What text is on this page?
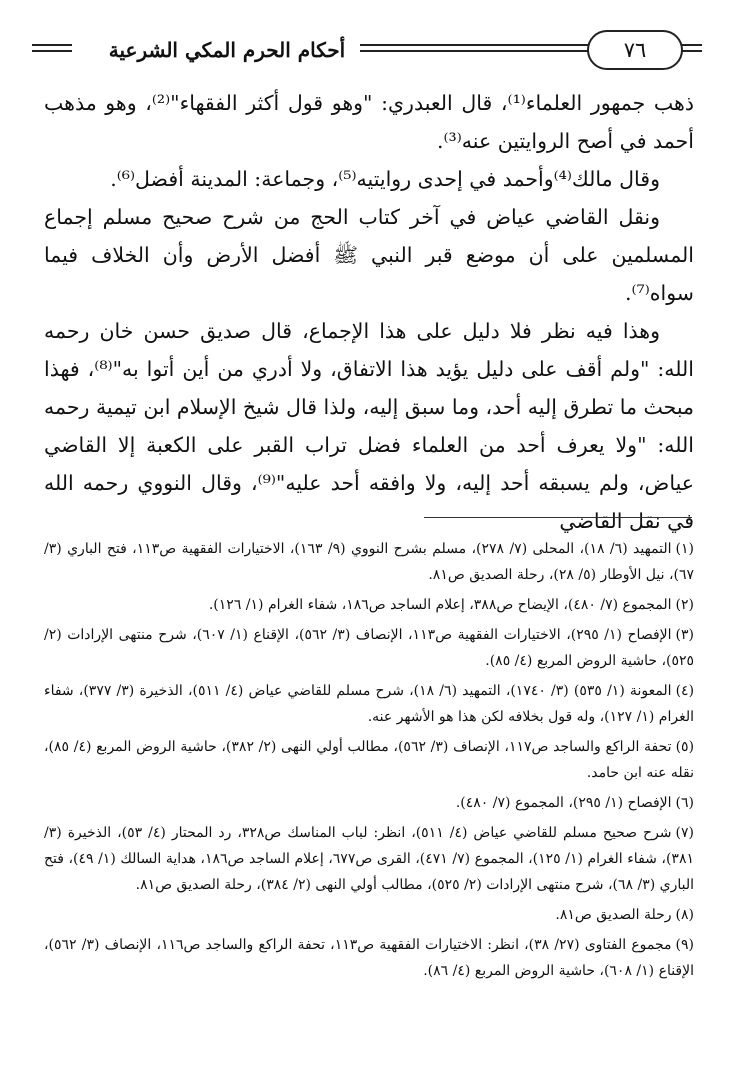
أحكام الحرم المكي الشرعية	٧٦

ذهب جمهور العلماء⁽¹⁾، قال العبدري: "وهو قول أكثر الفقهاء"⁽²⁾، وهو مذهب أحمد في أصح الروايتين عنه⁽³⁾.

وقال مالك⁽⁴⁾وأحمد في إحدى روايتيه⁽⁵⁾، وجماعة: المدينة أفضل⁽⁶⁾.

ونقل القاضي عياض في آخر كتاب الحج من شرح صحيح مسلم إجماع المسلمين على أن موضع قبر النبي ﷺ أفضل الأرض وأن الخلاف فيما سواه⁽⁷⁾.

وهذا فيه نظر فلا دليل على هذا الإجماع، قال صديق حسن خان رحمه الله: "ولم أقف على دليل يؤيد هذا الاتفاق، ولا أدري من أين أتوا به"⁽⁸⁾، فهذا مبحث ما تطرق إليه أحد، وما سبق إليه، ولذا قال شيخ الإسلام ابن تيمية رحمه الله: "ولا يعرف أحد من العلماء فضل تراب القبر على الكعبة إلا القاضي عياض، ولم يسبقه أحد إليه، ولا وافقه أحد عليه"⁽⁹⁾، وقال النووي رحمه الله في نقل القاضي

(١)التمهيد (٦/ ١٨)، المحلى (٧/ ٢٧٨)، مسلم بشرح النووي (٩/ ١٦٣)، الاختيارات الفقهية ص١١٣، فتح الباري (٣/ ٦٧)، نيل الأوطار (٥/ ٢٨)، رحلة الصديق ص٨١.

(٢)المجموع (٧/ ٤٨٠)، الإيضاح ص٣٨٨، إعلام الساجد ص١٨٦، شفاء الغرام (١/ ١٢٦).

(٣)الإفصاح (١/ ٢٩٥)، الاختيارات الفقهية ص١١٣، الإنصاف (٣/ ٥٦٢)، الإقناع (١/ ٦٠٧)، شرح منتهى الإرادات (٢/ ٥٢٥)، حاشية الروض المربع (٤/ ٨٥).

(٤)المعونة (١/ ٥٣٥) (٣/ ١٧٤٠)، التمهيد (٦/ ١٨)، شرح مسلم للقاضي عياض (٤/ ٥١١)، الذخيرة (٣/ ٣٧٧)، شفاء الغرام (١/ ١٢٧)، وله قول بخلافه لكن هذا هو الأشهر عنه.

(٥)تحفة الراكع والساجد ص١١٧، الإنصاف (٣/ ٥٦٢)، مطالب أولي النهى (٢/ ٣٨٢)، حاشية الروض المربع (٤/ ٨٥)، نقله عنه ابن حامد.

(٦)الإفصاح (١/ ٢٩٥)، المجموع (٧/ ٤٨٠).

(٧)شرح صحيح مسلم للقاضي عياض (٤/ ٥١١)، انظر: لباب المناسك ص٣٢٨، رد المحتار (٤/ ٥٣)، الذخيرة (٣/ ٣٨١)، شفاء الغرام (١/ ١٢٥)، المجموع (٧/ ٤٧١)، القرى ص٦٧٧، إعلام الساجد ص١٨٦، هداية السالك (١/ ٤٩)، فتح الباري (٣/ ٦٨)، شرح منتهى الإرادات (٢/ ٥٢٥)، مطالب أولي النهى (٢/ ٣٨٤)، رحلة الصديق ص٨١.

(٨)رحلة الصديق ص٨١.

(٩)مجموع الفتاوى (٢٧/ ٣٨)، انظر: الاختيارات الفقهية ص١١٣، تحفة الراكع والساجد ص١١٦، الإنصاف (٣/ ٥٦٢)، الإقناع (١/ ٦٠٨)، حاشية الروض المربع (٤/ ٨٦).
